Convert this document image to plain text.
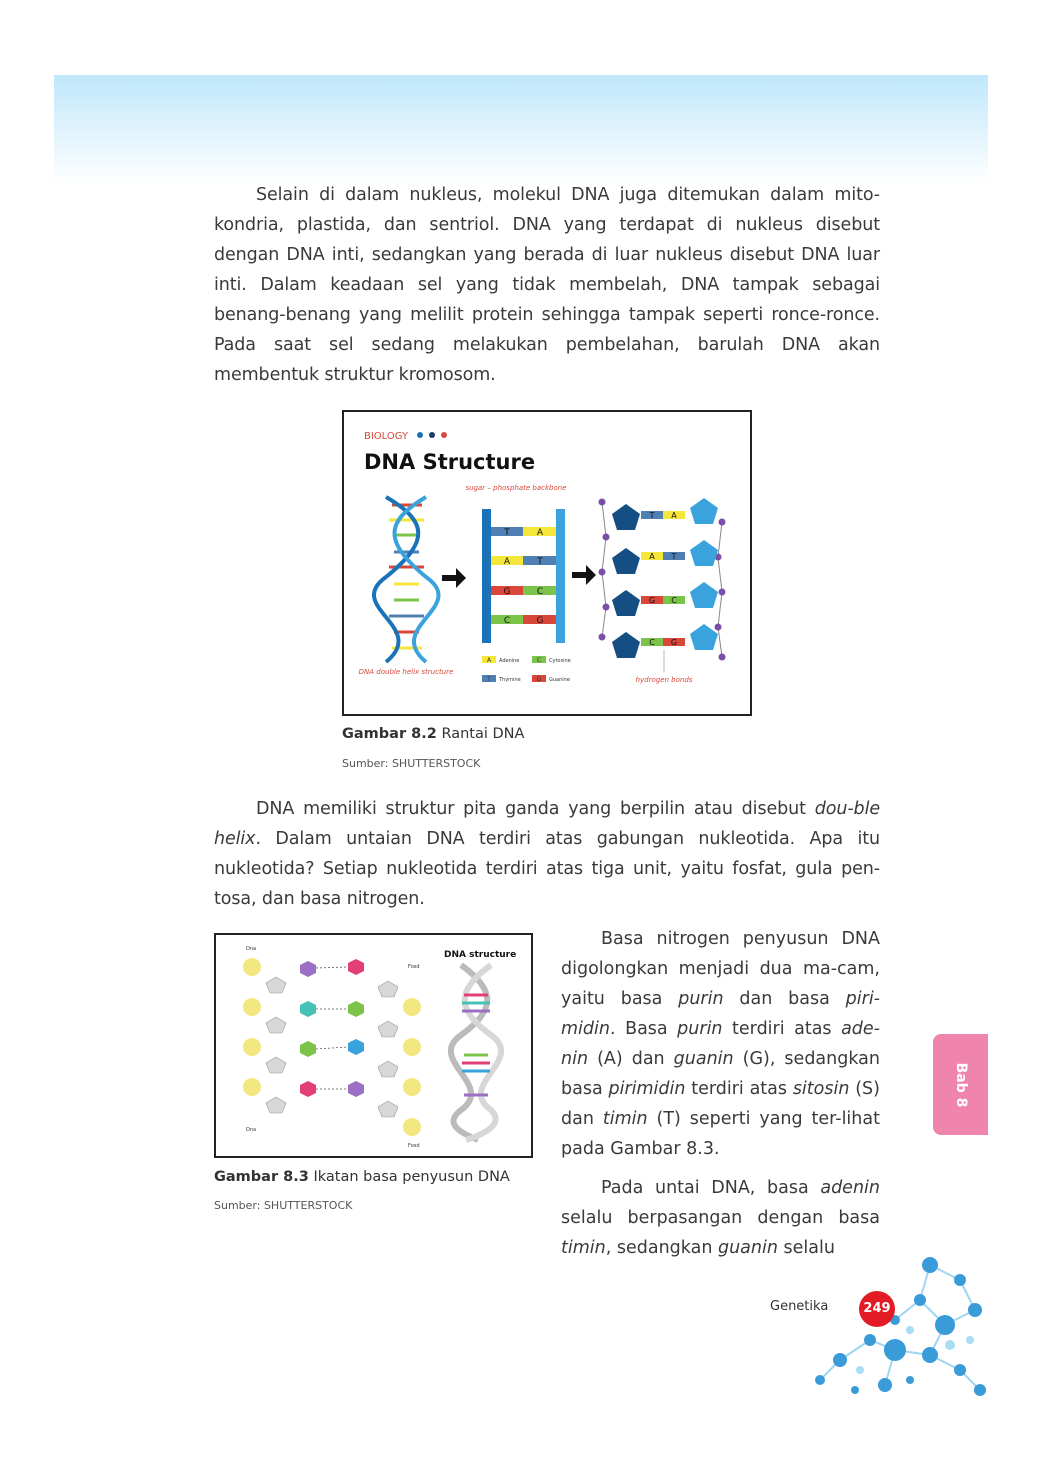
Selain di dalam nukleus, molekul DNA juga ditemukan dalam mito-kondria, plastida, dan sentriol. DNA yang terdapat di nukleus disebut dengan DNA inti, sedangkan yang berada di luar nukleus disebut DNA luar inti. Dalam keadaan sel yang tidak membelah, DNA tampak sebagai benang-benang yang melilit protein sehingga tampak seperti ronce-ronce. Pada saat sel sedang melakukan pembelahan, barulah DNA akan membentuk struktur kromosom.

BIOLOGY
DNA Structure
DNA double helix structure
sugar – phosphate backbone
T	A
A	T
G	C
C	G
A Adenine	C Cytosine
T Thymine	G Guanine
T A
A T
G C
C G
hydrogen bonds
Gambar 8.2 Rantai DNA
Sumber: SHUTTERSTOCK

DNA memiliki struktur pita ganda yang berpilin atau disebut dou-ble helix. Dalam untaian DNA terdiri atas gabungan nukleotida. Apa itu nukleotida? Setiap nukleotida terdiri atas tiga unit, yaitu fosfat, gula pen-tosa, dan basa nitrogen.

Dna
Dna
Fosd
Fosd
DNA structure
Gambar 8.3 Ikatan basa penyusun DNA
Sumber: SHUTTERSTOCK

Basa nitrogen penyusun DNA digolongkan menjadi dua ma-cam, yaitu basa purin dan basa piri-midin. Basa purin terdiri atas ade-nin (A) dan guanin (G), sedangkan basa pirimidin terdiri atas sitosin (S) dan timin (T) seperti yang ter-lihat pada Gambar 8.3.

Pada untai DNA, basa adenin selalu berpasangan dengan basa timin, sedangkan guanin selalu

Bab 8
Genetika	249
